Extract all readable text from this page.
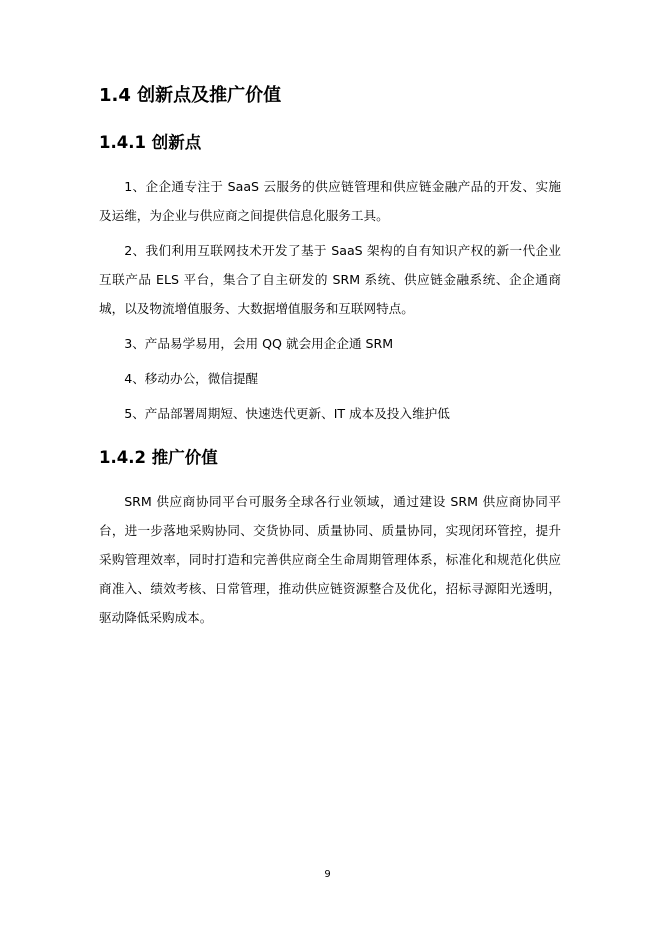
1.4 创新点及推广价值
1.4.1 创新点

1、企企通专注于 SaaS 云服务的供应链管理和供应链金融产品的开发、实施及运维，为企业与供应商之间提供信息化服务工具。

2、我们利用互联网技术开发了基于 SaaS 架构的自有知识产权的新一代企业互联产品 ELS 平台，集合了自主研发的 SRM 系统、供应链金融系统、企企通商城，以及物流增值服务、大数据增值服务和互联网特点。

3、产品易学易用，会用 QQ 就会用企企通 SRM

4、移动办公，微信提醒

5、产品部署周期短、快速迭代更新、IT 成本及投入维护低

1.4.2 推广价值

SRM 供应商协同平台可服务全球各行业领域，通过建设 SRM 供应商协同平台，进一步落地采购协同、交货协同、质量协同、质量协同，实现闭环管控，提升采购管理效率，同时打造和完善供应商全生命周期管理体系，标准化和规范化供应商准入、绩效考核、日常管理，推动供应链资源整合及优化，招标寻源阳光透明，驱动降低采购成本。

9
